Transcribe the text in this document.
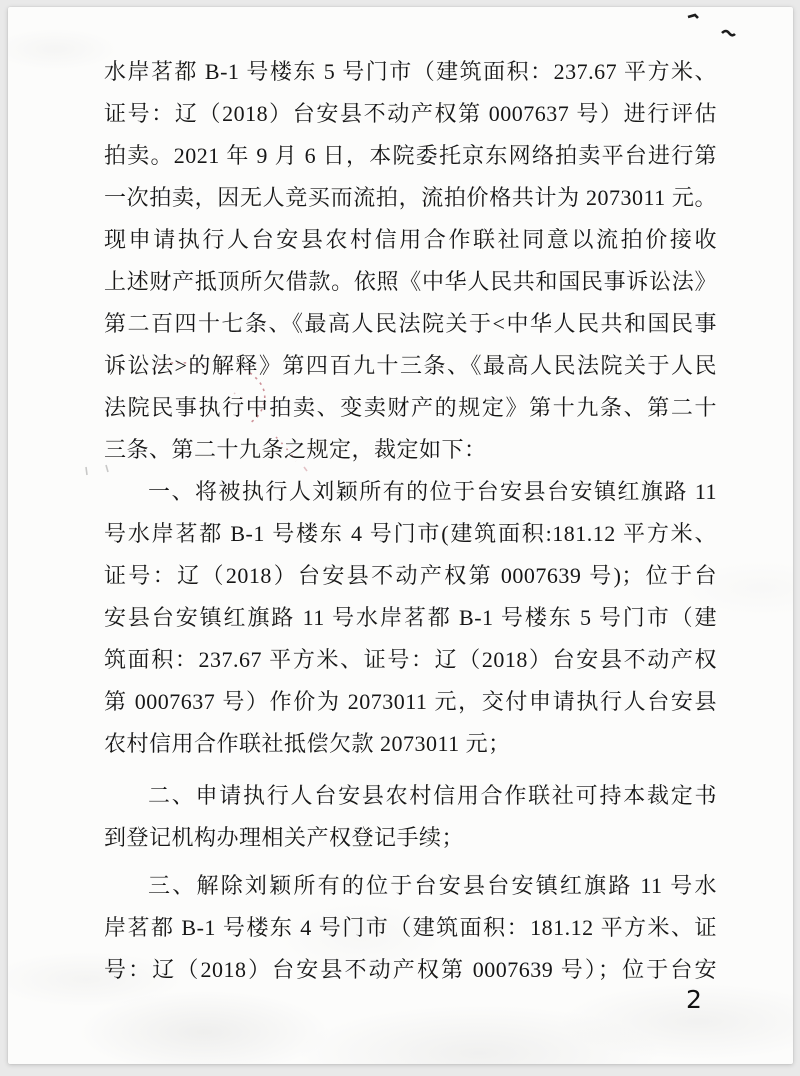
水岸茗都 B-1 号楼东 5 号门市（建筑面积：237.67 平方米、
证号：辽（2018）台安县不动产权第 0007637 号）进行评估
拍卖。2021 年 9 月 6 日，本院委托京东网络拍卖平台进行第
一次拍卖，因无人竞买而流拍，流拍价格共计为 2073011 元。
现申请执行人台安县农村信用合作联社同意以流拍价接收
上述财产抵顶所欠借款。依照《中华人民共和国民事诉讼法》
第二百四十七条、《最高人民法院关于<中华人民共和国民事
诉讼法>的解释》第四百九十三条、《最高人民法院关于人民
法院民事执行中拍卖、变卖财产的规定》第十九条、第二十
三条、第二十九条之规定，裁定如下：
一、将被执行人刘颖所有的位于台安县台安镇红旗路 11
号水岸茗都 B-1 号楼东 4 号门市(建筑面积:181.12 平方米、
证号：辽（2018）台安县不动产权第 0007639 号)；位于台
安县台安镇红旗路 11 号水岸茗都 B-1 号楼东 5 号门市（建
筑面积：237.67 平方米、证号：辽（2018）台安县不动产权
第 0007637 号）作价为 2073011 元，交付申请执行人台安县
农村信用合作联社抵偿欠款 2073011 元；
二、申请执行人台安县农村信用合作联社可持本裁定书
到登记机构办理相关产权登记手续；
三、解除刘颖所有的位于台安县台安镇红旗路 11 号水
岸茗都 B-1 号楼东 4 号门市（建筑面积：181.12 平方米、证
号：辽（2018）台安县不动产权第 0007639 号）；位于台安
2
